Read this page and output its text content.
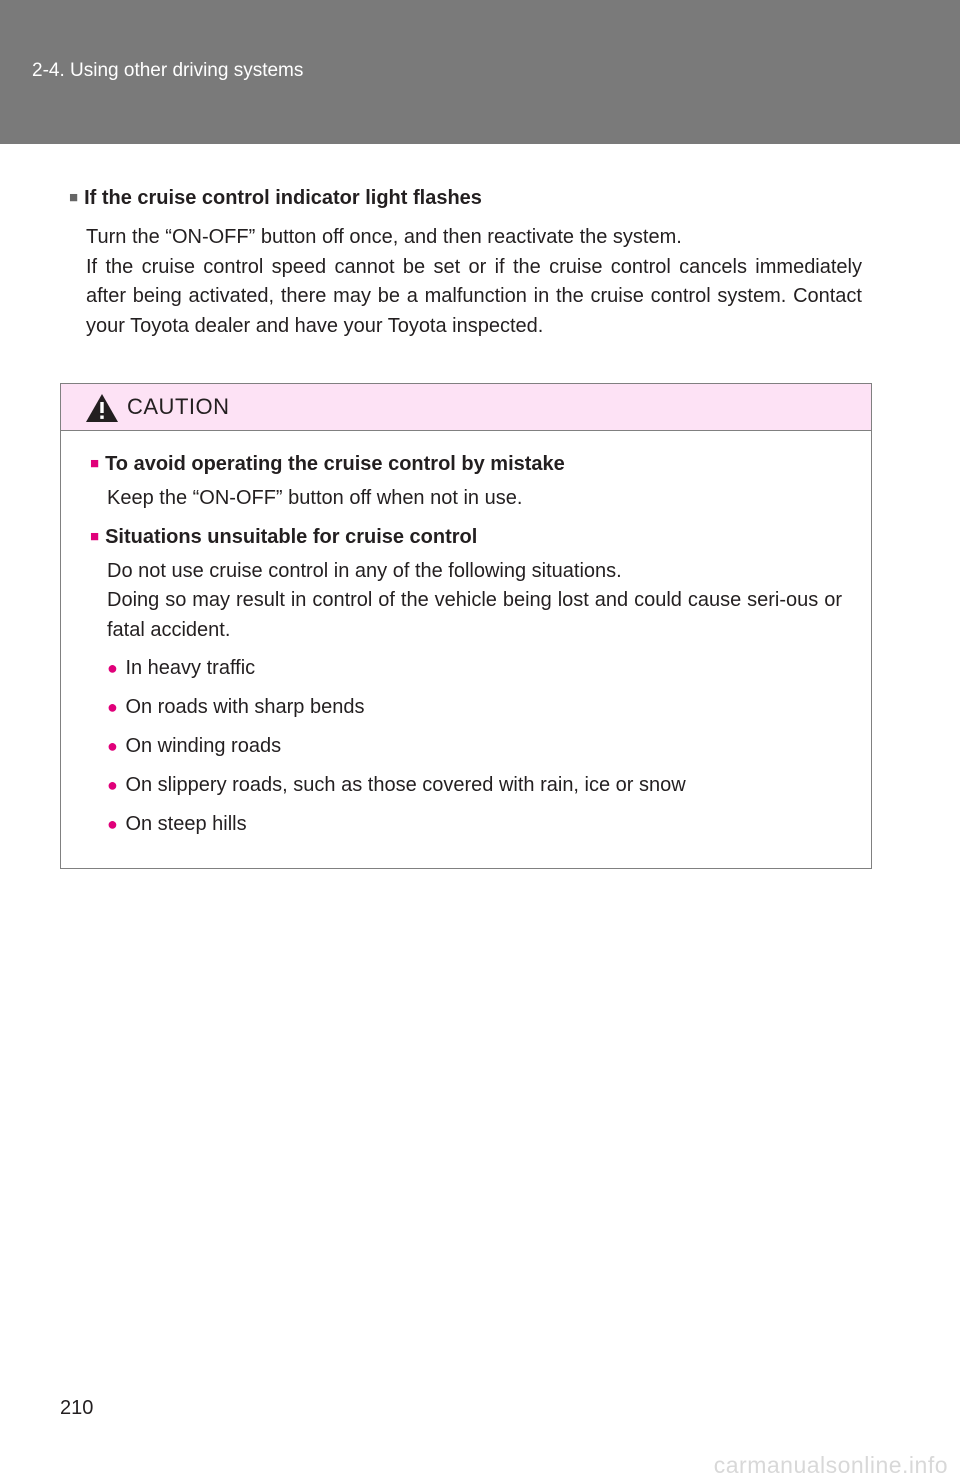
2-4. Using other driving systems
■ If the cruise control indicator light flashes

Turn the “ON-OFF” button off once, and then reactivate the system.

If the cruise control speed cannot be set or if the cruise control cancels immediately after being activated, there may be a malfunction in the cruise control system. Contact your Toyota dealer and have your Toyota inspected.

CAUTION
■ To avoid operating the cruise control by mistake
Keep the “ON-OFF” button off when not in use.
■ Situations unsuitable for cruise control
Do not use cruise control in any of the following situations.
Doing so may result in control of the vehicle being lost and could cause seri-ous or fatal accident.
● In heavy traffic
● On roads with sharp bends
● On winding roads
● On slippery roads, such as those covered with rain, ice or snow
● On steep hills
210
carmanualsonline.info
